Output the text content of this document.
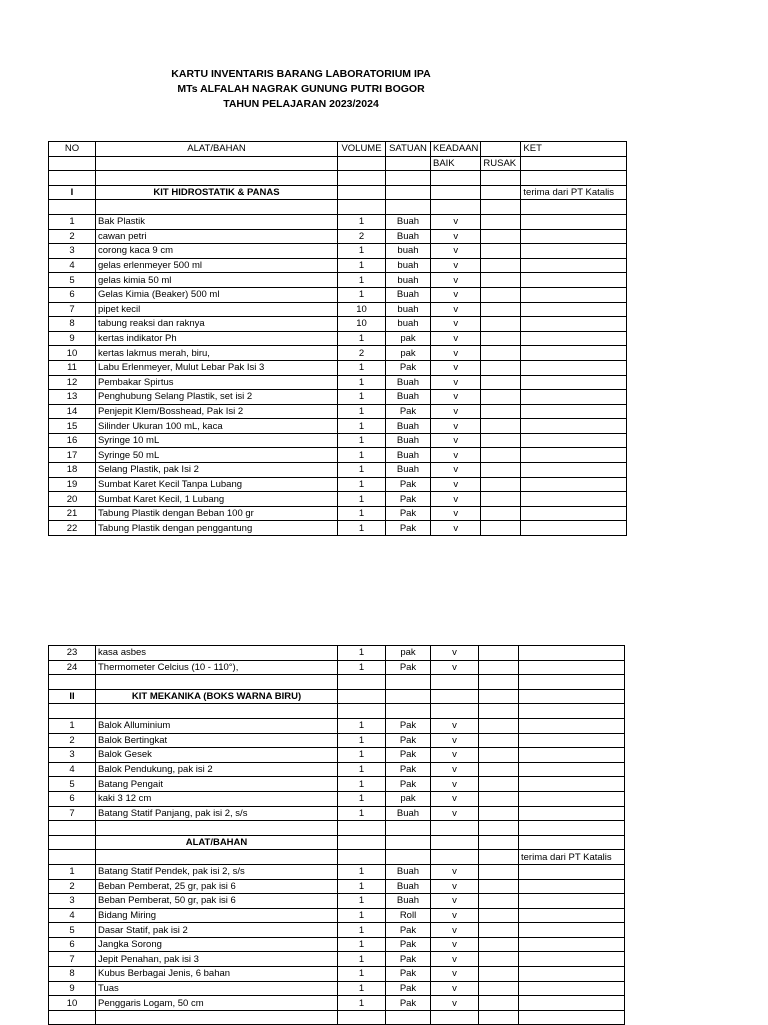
KARTU INVENTARIS BARANG LABORATORIUM IPA
MTs ALFALAH NAGRAK GUNUNG PUTRI BOGOR
TAHUN PELAJARAN 2023/2024
NO	ALAT/BAHAN	VOLUME	SATUAN	KEADAAN		KET
				BAIK	RUSAK	

I	KIT HIDROSTATIK & PANAS					terima dari PT Katalis

1	Bak Plastik	1	Buah	v		
2	cawan petri	2	Buah	v		
3	corong kaca 9 cm	1	buah	v		
4	gelas erlenmeyer 500 ml	1	buah	v		
5	gelas kimia 50 ml	1	buah	v		
6	Gelas Kimia (Beaker) 500 ml	1	Buah	v		
7	pipet kecil	10	buah	v		
8	tabung reaksi dan raknya	10	buah	v		
9	kertas indikator Ph	1	pak	v		
10	kertas lakmus merah, biru,	2	pak	v		
11	Labu Erlenmeyer, Mulut Lebar Pak Isi 3	1	Pak	v		
12	Pembakar Spirtus	1	Buah	v		
13	Penghubung Selang Plastik, set isi 2	1	Buah	v		
14	Penjepit Klem/Bosshead, Pak Isi 2	1	Pak	v		
15	Silinder Ukuran 100 mL, kaca	1	Buah	v		
16	Syringe 10 mL	1	Buah	v		
17	Syringe 50 mL	1	Buah	v		
18	Selang Plastik, pak Isi 2	1	Buah	v		
19	Sumbat Karet Kecil Tanpa Lubang	1	Pak	v		
20	Sumbat Karet Kecil, 1 Lubang	1	Pak	v		
21	Tabung Plastik dengan Beban 100 gr	1	Pak	v		
22	Tabung Plastik dengan penggantung	1	Pak	v		
23	kasa asbes	1	pak	v		
24	Thermometer Celcius (10 - 110°),	1	Pak	v		

II	KIT MEKANIKA (BOKS WARNA BIRU)					

1	Balok Alluminium	1	Pak	v		
2	Balok Bertingkat	1	Pak	v		
3	Balok Gesek	1	Pak	v		
4	Balok Pendukung, pak isi 2	1	Pak	v		
5	Batang Pengait	1	Pak	v		
6	kaki 3 12 cm	1	pak	v		
7	Batang Statif Panjang, pak isi 2, s/s	1	Buah	v		

	ALAT/BAHAN					
						terima dari PT Katalis
1	Batang Statif Pendek, pak isi 2, s/s	1	Buah	v		
2	Beban Pemberat, 25 gr, pak isi 6	1	Buah	v		
3	Beban Pemberat, 50 gr, pak isi 6	1	Buah	v		
4	Bidang Miring	1	Roll	v		
5	Dasar Statif, pak isi 2	1	Pak	v		
6	Jangka Sorong	1	Pak	v		
7	Jepit Penahan, pak isi 3	1	Pak	v		
8	Kubus Berbagai Jenis, 6 bahan	1	Pak	v		
9	Tuas	1	Pak	v		
10	Penggaris Logam, 50 cm	1	Pak	v		
